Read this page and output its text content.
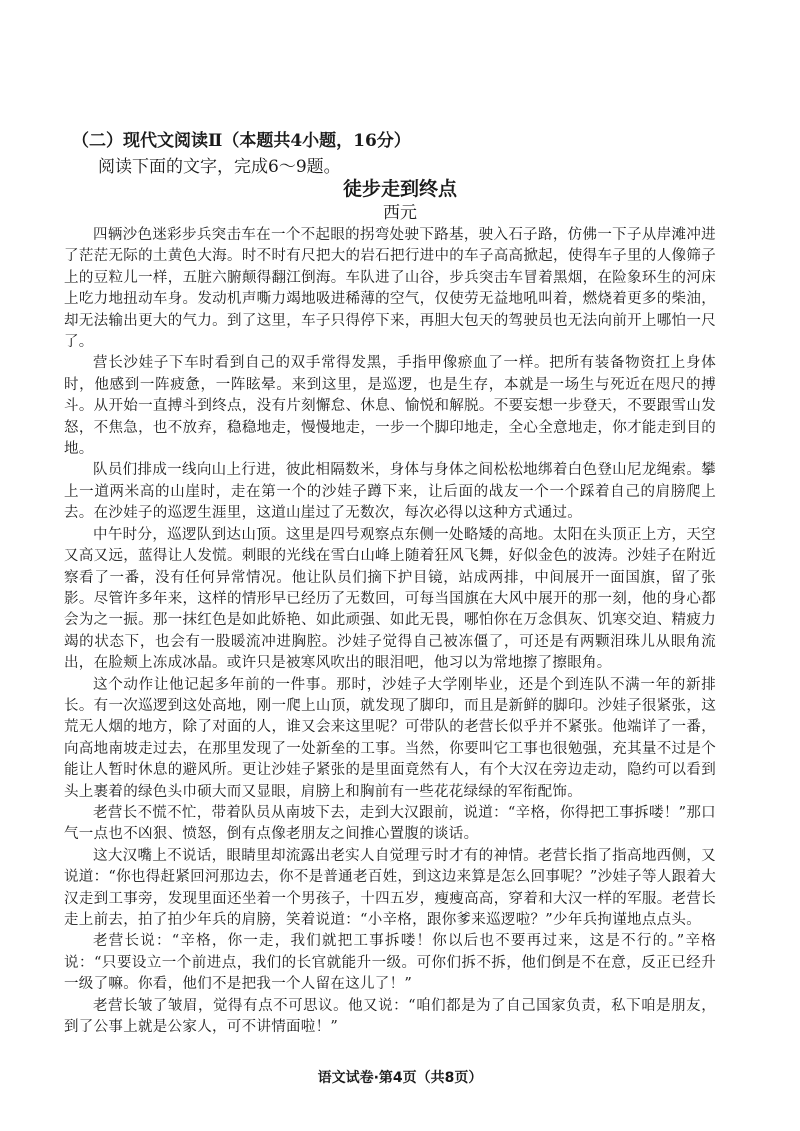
（二）现代文阅读Ⅱ（本题共4小题，16分）
阅读下面的文字，完成6～9题。
徒步走到终点
西元

四辆沙色迷彩步兵突击车在一个不起眼的拐弯处驶下路基，驶入石子路，仿佛一下子从岸滩冲进了茫茫无际的土黄色大海。时不时有尺把大的岩石把行进中的车子高高掀起，使得车子里的人像筛子上的豆粒儿一样，五脏六腑颠得翻江倒海。车队进了山谷，步兵突击车冒着黑烟，在险象环生的河床上吃力地扭动车身。发动机声嘶力竭地吸进稀薄的空气，仅使劳无益地吼叫着，燃烧着更多的柴油，却无法输出更大的气力。到了这里，车子只得停下来，再胆大包天的驾驶员也无法向前开上哪怕一尺了。

营长沙娃子下车时看到自己的双手常得发黑，手指甲像瘀血了一样。把所有装备物资扛上身体时，他感到一阵疲惫，一阵眩晕。来到这里，是巡逻，也是生存，本就是一场生与死近在咫尺的搏斗。从开始一直搏斗到终点，没有片刻懈怠、休息、愉悦和解脱。不要妄想一步登天，不要跟雪山发怒，不焦急，也不放弃，稳稳地走，慢慢地走，一步一个脚印地走，全心全意地走，你才能走到目的地。

队员们排成一线向山上行进，彼此相隔数米，身体与身体之间松松地绑着白色登山尼龙绳索。攀上一道两米高的山崖时，走在第一个的沙娃子蹲下来，让后面的战友一个一个踩着自己的肩膀爬上去。在沙娃子的巡逻生涯里，这道山崖过了无数次，每次必得以这种方式通过。

中午时分，巡逻队到达山顶。这里是四号观察点东侧一处略矮的高地。太阳在头顶正上方，天空又高又远，蓝得让人发慌。刺眼的光线在雪白山峰上随着狂风飞舞，好似金色的波涛。沙娃子在附近察看了一番，没有任何异常情况。他让队员们摘下护目镜，站成两排，中间展开一面国旗，留了张影。尽管许多年来，这样的情形早已经历了无数回，可每当国旗在大风中展开的那一刻，他的身心都会为之一振。那一抹红色是如此娇艳、如此顽强、如此无畏，哪怕你在万念俱灰、饥寒交迫、精疲力竭的状态下，也会有一股暖流冲进胸腔。沙娃子觉得自己被冻僵了，可还是有两颗泪珠儿从眼角流出，在脸颊上冻成冰晶。或许只是被寒风吹出的眼泪吧，他习以为常地擦了擦眼角。

这个动作让他记起多年前的一件事。那时，沙娃子大学刚毕业，还是个到连队不满一年的新排长。有一次巡逻到这处高地，刚一爬上山顶，就发现了脚印，而且是新鲜的脚印。沙娃子很紧张，这荒无人烟的地方，除了对面的人，谁又会来这里呢？可带队的老营长似乎并不紧张。他端详了一番，向高地南坡走过去，在那里发现了一处新垒的工事。当然，你要叫它工事也很勉强，充其量不过是个能让人暂时休息的避风所。更让沙娃子紧张的是里面竟然有人，有个大汉在旁边走动，隐约可以看到头上裹着的绿色头巾硕大而又显眼，肩膀上和胸前有一些花花绿绿的军衔配饰。

老营长不慌不忙，带着队员从南坡下去，走到大汉跟前，说道：“辛格，你得把工事拆喽！”那口气一点也不凶狠、愤怒，倒有点像老朋友之间推心置腹的谈话。

这大汉嘴上不说话，眼睛里却流露出老实人自觉理亏时才有的神情。老营长指了指高地西侧，又说道：“你也得赶紧回河那边去，你不是普通老百姓，到这边来算是怎么回事呢？”沙娃子等人跟着大汉走到工事旁，发现里面还坐着一个男孩子，十四五岁，瘦瘦高高，穿着和大汉一样的军服。老营长走上前去，拍了拍少年兵的肩膀，笑着说道：“小辛格，跟你爹来巡逻啦？”少年兵拘谨地点点头。

老营长说：“辛格，你一走，我们就把工事拆喽！你以后也不要再过来，这是不行的。”辛格说：“只要设立一个前进点，我们的长官就能升一级。可你们拆不拆，他们倒是不在意，反正已经升一级了嘛。你看，他们不是把我一个人留在这儿了！”

老营长皱了皱眉，觉得有点不可思议。他又说：“咱们都是为了自己国家负责，私下咱是朋友，到了公事上就是公家人，可不讲情面啦！”

语文试卷·第4页（共8页）
